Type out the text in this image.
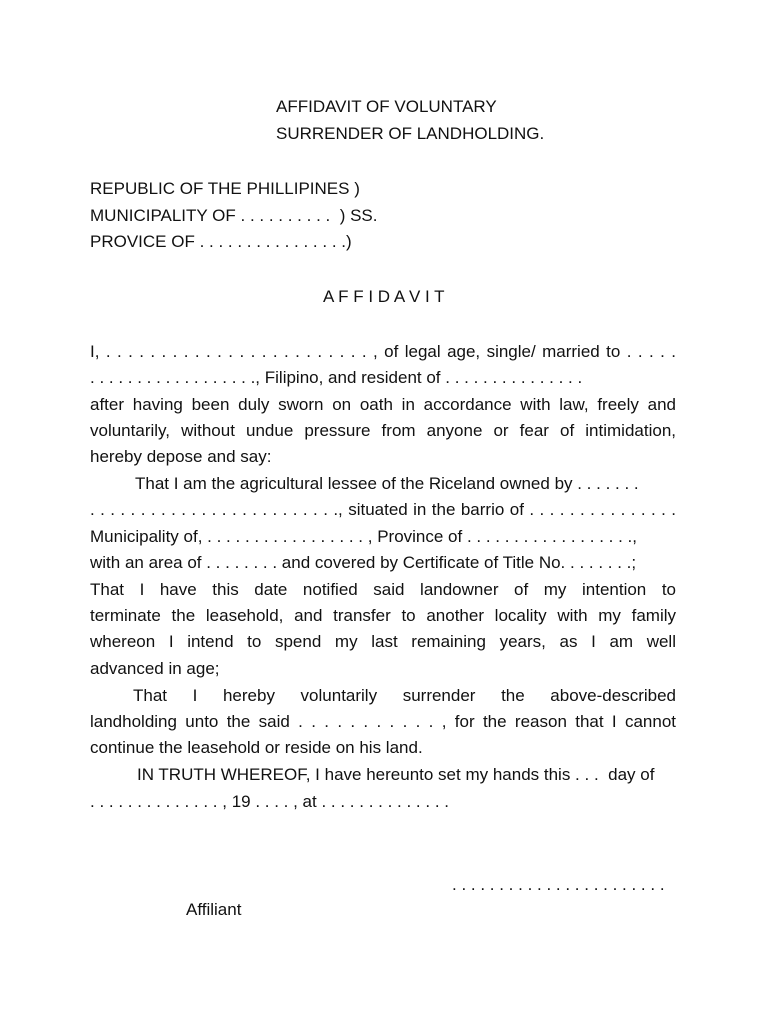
AFFIDAVIT OF VOLUNTARY
SURRENDER OF LANDHOLDING.
REPUBLIC OF THE PHILLIPINES )
MUNICIPALITY OF . . . . . . . . . .  ) SS.
PROVICE OF . . . . . . . . . . . . . . . .)
A F F I D A V I T
I, . . . . . . . . . . . . . . . . . . . . . . . . , of legal age, single/ married to . . . . .
. . . . . . . . . . . . . . . . . ., Filipino, and resident of . . . . . . . . . . . . . . .
after having been duly sworn on oath in accordance with law, freely and
voluntarily, without undue pressure from anyone or fear of intimidation,
hereby depose and say:
That I am the agricultural lessee of the Riceland owned by . . . . . . .
. . . . . . . . . . . . . . . . . . . . . . . . ., situated in the barrio of . . . . . . . . . . . . . . .
Municipality of, . . . . . . . . . . . . . . . . . , Province of . . . . . . . . . . . . . . . . . .,
with an area of . . . . . . . . and covered by Certificate of Title No. . . . . . . .;
That I have this date notified said landowner of my intention to
terminate the leasehold, and transfer to another locality with my family
whereon I intend to spend my last remaining years, as I am well
advanced in age;
That I hereby voluntarily surrender the above-described
landholding unto the said . . . . . . . . . . . , for the reason that I cannot
continue the leasehold or reside on his land.
IN TRUTH WHEREOF, I have hereunto set my hands this . . .  day of
. . . . . . . . . . . . . . , 19 . . . . , at . . . . . . . . . . . . . .
. . . . . . . . . . . . . . . . . . . . . . .
Affiliant
